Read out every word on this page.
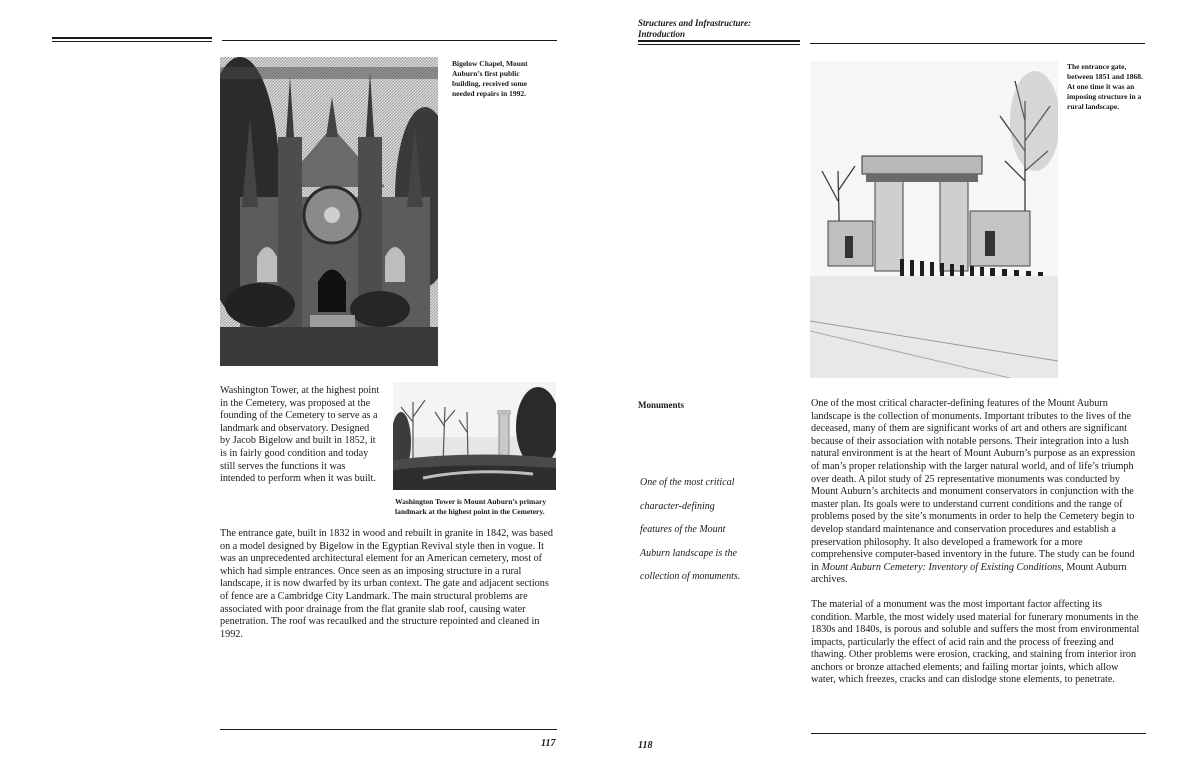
Bigelow Chapel, Mount Auburn’s first public building, received some needed repairs in 1992.
Washington Tower, at the highest point in the Cemetery, was proposed at the founding of the Cemetery to serve as a landmark and observatory. Designed by Jacob Bigelow and built in 1852, it is in fairly good condition and today still serves the functions it was intended to perform when it was built.
Washington Tower is Mount Auburn’s primary landmark at the highest point in the Cemetery.
The entrance gate, built in 1832 in wood and rebuilt in granite in 1842, was based on a model designed by Bigelow in the Egyptian Revival style then in vogue. It was an unprecedented architectural element for an American cemetery, most of which had simple entrances. Once seen as an imposing structure in a rural landscape, it is now dwarfed by its urban context. The gate and adjacent sections of fence are a Cambridge City Landmark. The main structural problems are associated with poor drainage from the flat granite slab roof, causing water penetration. The roof was recaulked and the structure repointed and cleaned in 1992.
117
Structures and Infrastructure:
Introduction
The entrance gate, between 1851 and 1868. At one time it was an imposing structure in a rural landscape.
Monuments
One of the most critical
character-defining
features of the Mount
Auburn landscape is the
collection of monuments.

One of the most critical character-defining features of the Mount Auburn landscape is the collection of monuments. Important tributes to the lives of the deceased, many of them are significant works of art and others are significant because of their association with notable persons. Their integration into a lush natural environment is at the heart of Mount Auburn’s purpose as an expression of man’s proper relationship with the larger natural world, and of life’s triumph over death. A pilot study of 25 representative monuments was conducted by Mount Auburn’s architects and monument conservators in conjunction with the master plan. Its goals were to understand current conditions and the range of problems posed by the site’s monuments in order to help the Cemetery begin to develop standard maintenance and conservation procedures and establish a preservation philosophy. It also developed a framework for a more comprehensive computer-based inventory in the future. The study can be found in Mount Auburn Cemetery: Inventory of Existing Conditions, Mount Auburn archives.

The material of a monument was the most important factor affecting its condition. Marble, the most widely used material for funerary monuments in the 1830s and 1840s, is porous and soluble and suffers the most from environmental impacts, particularly the effect of acid rain and the process of freezing and thawing. Other problems were erosion, cracking, and staining from interior iron anchors or bronze attached elements; and failing mortar joints, which allow water, which freezes, cracks and can dislodge stone elements, to penetrate.

118
